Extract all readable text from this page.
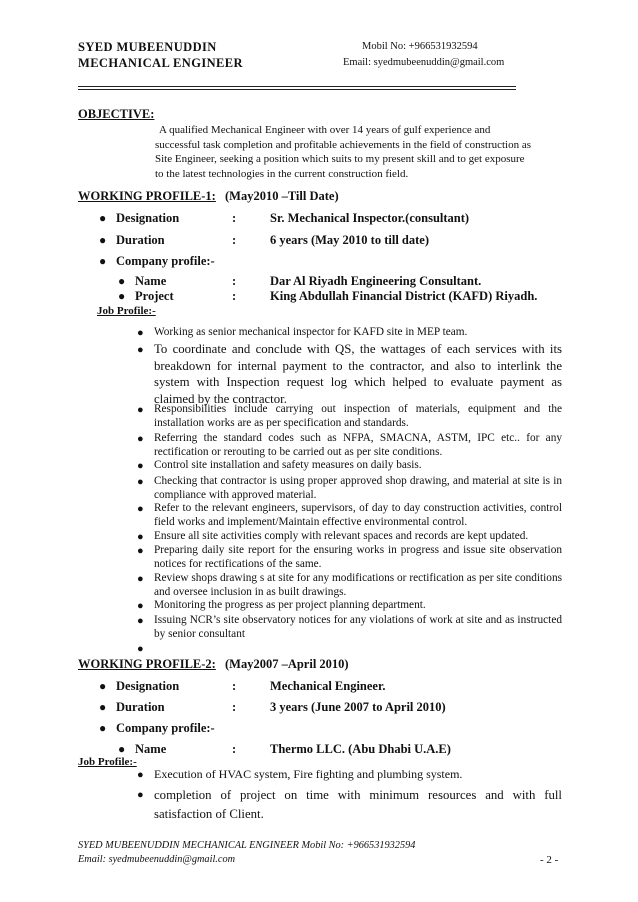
SYED MUBEENUDDIN
MECHANICAL ENGINEER
Mobil No: +966531932594
Email: syedmubeenuddin@gmail.com
OBJECTIVE:
A qualified Mechanical Engineer with over 14 years of gulf experience and
successful task completion and profitable achievements in the field of construction as
Site Engineer, seeking a position which suits to my present skill and to get exposure
to the latest technologies in the current construction field.
WORKING PROFILE-1: (May2010 –Till Date)
● Designation	:	Sr. Mechanical Inspector.(consultant)
● Duration	:	6 years (May 2010 to till date)
● Company profile:-
● Name	:	Dar Al Riyadh Engineering Consultant.
● Project	:	King Abdullah Financial District (KAFD) Riyadh.
Job Profile:-
● Working as senior mechanical inspector for KAFD site in MEP team.
● To coordinate and conclude with QS, the wattages of each services with its breakdown for internal payment to the contractor, and also to interlink the system with Inspection request log which helped to evaluate payment as claimed by the contractor.
● Responsibilities include carrying out inspection of materials, equipment and the installation works are as per specification and standards.
● Referring the standard codes such as NFPA, SMACNA, ASTM, IPC etc.. for any rectification or rerouting to be carried out as per site conditions.
● Control site installation and safety measures on daily basis.
● Checking that contractor is using proper approved shop drawing, and material at site is in compliance with approved material.
● Refer to the relevant engineers, supervisors, of day to day construction activities, control field works and implement/Maintain effective environmental control.
● Ensure all site activities comply with relevant spaces and records are kept updated.
● Preparing daily site report for the ensuring works in progress and issue site observation notices for rectifications of the same.
● Review shops drawing s at site for any modifications or rectification as per site conditions and oversee inclusion in as built drawings.
● Monitoring the progress as per project planning department.
● Issuing NCR’s site observatory notices for any violations of work at site and as instructed by senior consultant
●
WORKING PROFILE-2: (May2007 –April 2010)
● Designation	:	Mechanical Engineer.
● Duration	:	3 years (June 2007 to April 2010)
● Company profile:-
● Name	:	Thermo LLC. (Abu Dhabi U.A.E)
Job Profile:-
● Execution of HVAC system, Fire fighting and plumbing system.
● completion of project on time with minimum resources and with full satisfaction of Client.
SYED MUBEENUDDIN MECHANICAL ENGINEER Mobil No: +966531932594
Email: syedmubeenuddin@gmail.com	- 2 -
